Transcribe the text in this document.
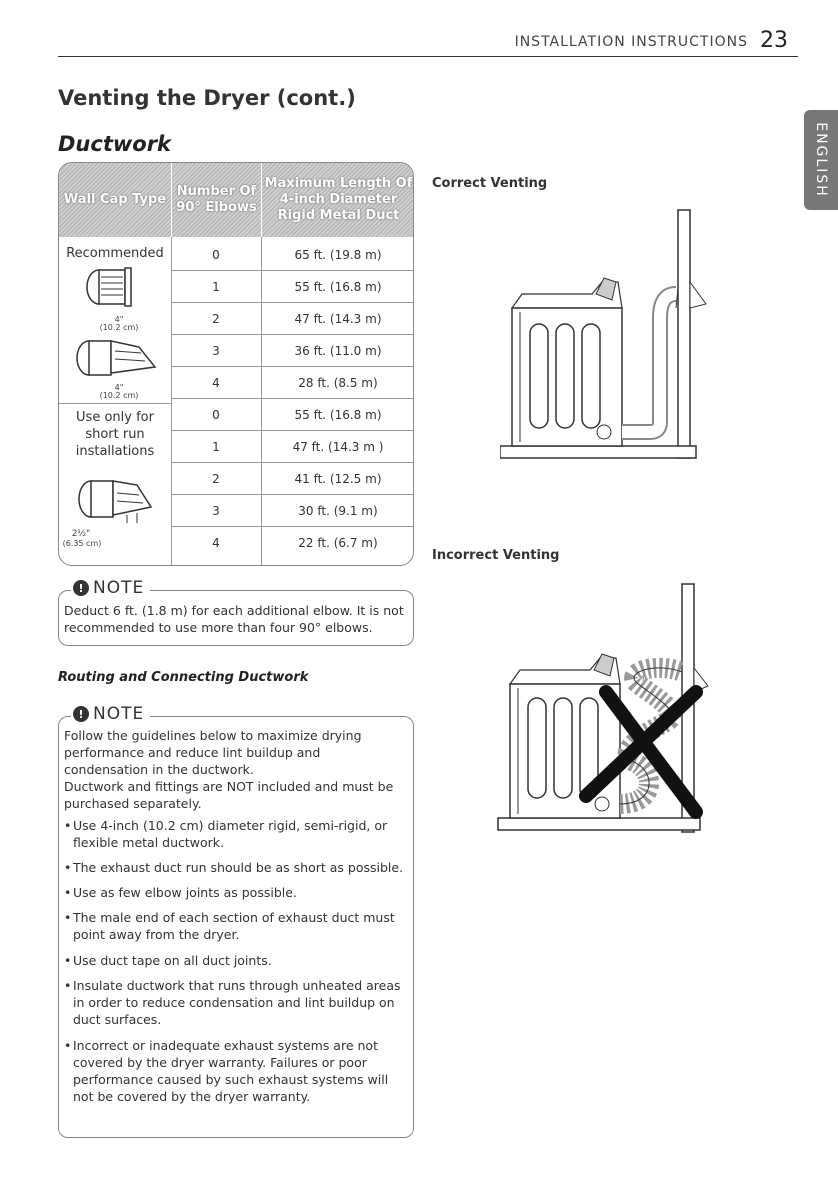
INSTALLATION INSTRUCTIONS 23
ENGLISH
Venting the Dryer (cont.)
Ductwork
Wall Cap Type
Number Of 90° Elbows
Maximum Length Of 4-inch Diameter Rigid Metal Duct
Recommended
4"
(10.2 cm)
4"
(10.2 cm)
Use only for
short run
installations
2½"
(6.35 cm)
0	65 ft. (19.8 m)
1	55 ft. (16.8 m)
2	47 ft. (14.3 m)
3	36 ft. (11.0 m)
4	28 ft. (8.5 m)
0	55 ft. (16.8 m)
1	47 ft. (14.3 m )
2	41 ft. (12.5 m)
3	30 ft. (9.1 m)
4	22 ft. (6.7 m)
! NOTE
Deduct 6 ft. (1.8 m) for each additional elbow. It is not
recommended to use more than four 90° elbows.
Routing and Connecting Ductwork
! NOTE
Follow the guidelines below to maximize drying
performance and reduce lint buildup and
condensation in the ductwork.
Ductwork and fittings are NOT included and must be
purchased separately.
• Use 4-inch (10.2 cm) diameter rigid, semi-rigid, or
flexible metal ductwork.
• The exhaust duct run should be as short as possible.
• Use as few elbow joints as possible.
• The male end of each section of exhaust duct must
point away from the dryer.
• Use duct tape on all duct joints.
• Insulate ductwork that runs through unheated areas
in order to reduce condensation and lint buildup on
duct surfaces.
• Incorrect or inadequate exhaust systems are not
covered by the dryer warranty. Failures or poor
performance caused by such exhaust systems will
not be covered by the dryer warranty.
Correct Venting
Incorrect Venting
